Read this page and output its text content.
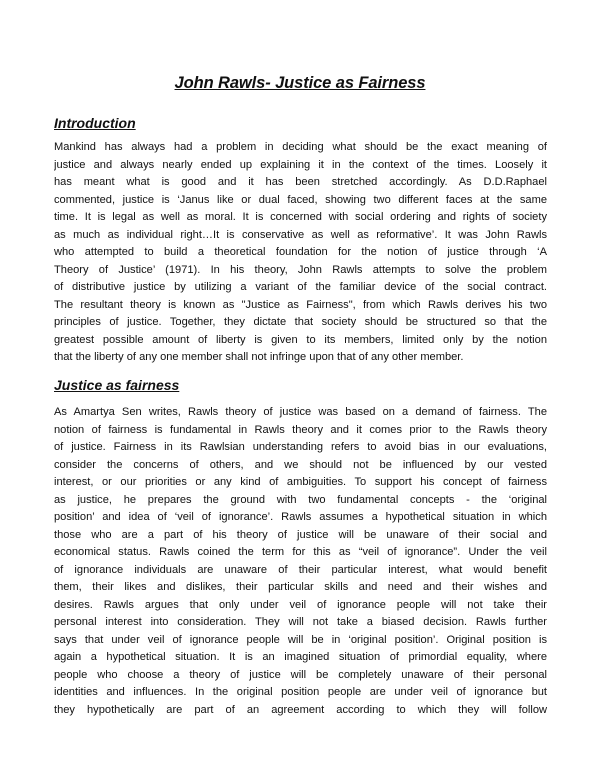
John Rawls- Justice as Fairness
Introduction

Mankind has always had a problem in deciding what should be the exact meaning of
justice and always nearly ended up explaining it in the context of the times. Loosely it
has meant what is good and it has been stretched accordingly. As D.D.Raphael
commented, justice is ‘Janus like or dual faced, showing two different faces at the same
time. It is legal as well as moral. It is concerned with social ordering and rights of society
as much as individual right…It is conservative as well as reformative’. It was John Rawls
who attempted to build a theoretical foundation for the notion of justice through ‘A
Theory of Justice’ (1971). In his theory, John Rawls attempts to solve the problem
of distributive justice by utilizing a variant of the familiar device of the social contract.
The resultant theory is known as "Justice as Fairness", from which Rawls derives his two
principles of justice. Together, they dictate that society should be structured so that the
greatest possible amount of liberty is given to its members, limited only by the notion
that the liberty of any one member shall not infringe upon that of any other member.

Justice as fairness

As Amartya Sen writes, Rawls theory of justice was based on a demand of fairness. The
notion of fairness is fundamental in Rawls theory and it comes prior to the Rawls theory
of justice. Fairness in its Rawlsian understanding refers to avoid bias in our evaluations,
consider the concerns of others, and we should not be influenced by our vested
interest, or our priorities or any kind of ambiguities. To support his concept of fairness
as justice, he prepares the ground with two fundamental concepts - the ‘original
position’ and idea of ‘veil of ignorance’. Rawls assumes a hypothetical situation in which
those who are a part of his theory of justice will be unaware of their social and
economical status. Rawls coined the term for this as “veil of ignorance”. Under the veil
of ignorance individuals are unaware of their particular interest, what would benefit
them, their likes and dislikes, their particular skills and need and their wishes and
desires. Rawls argues that only under veil of ignorance people will not take their
personal interest into consideration. They will not take a biased decision. Rawls further
says that under veil of ignorance people will be in ‘original position’. Original position is
again a hypothetical situation. It is an imagined situation of primordial equality, where
people who choose a theory of justice will be completely unaware of their personal
identities and influences. In the original position people are under veil of ignorance but
they hypothetically are part of an agreement according to which they will follow
